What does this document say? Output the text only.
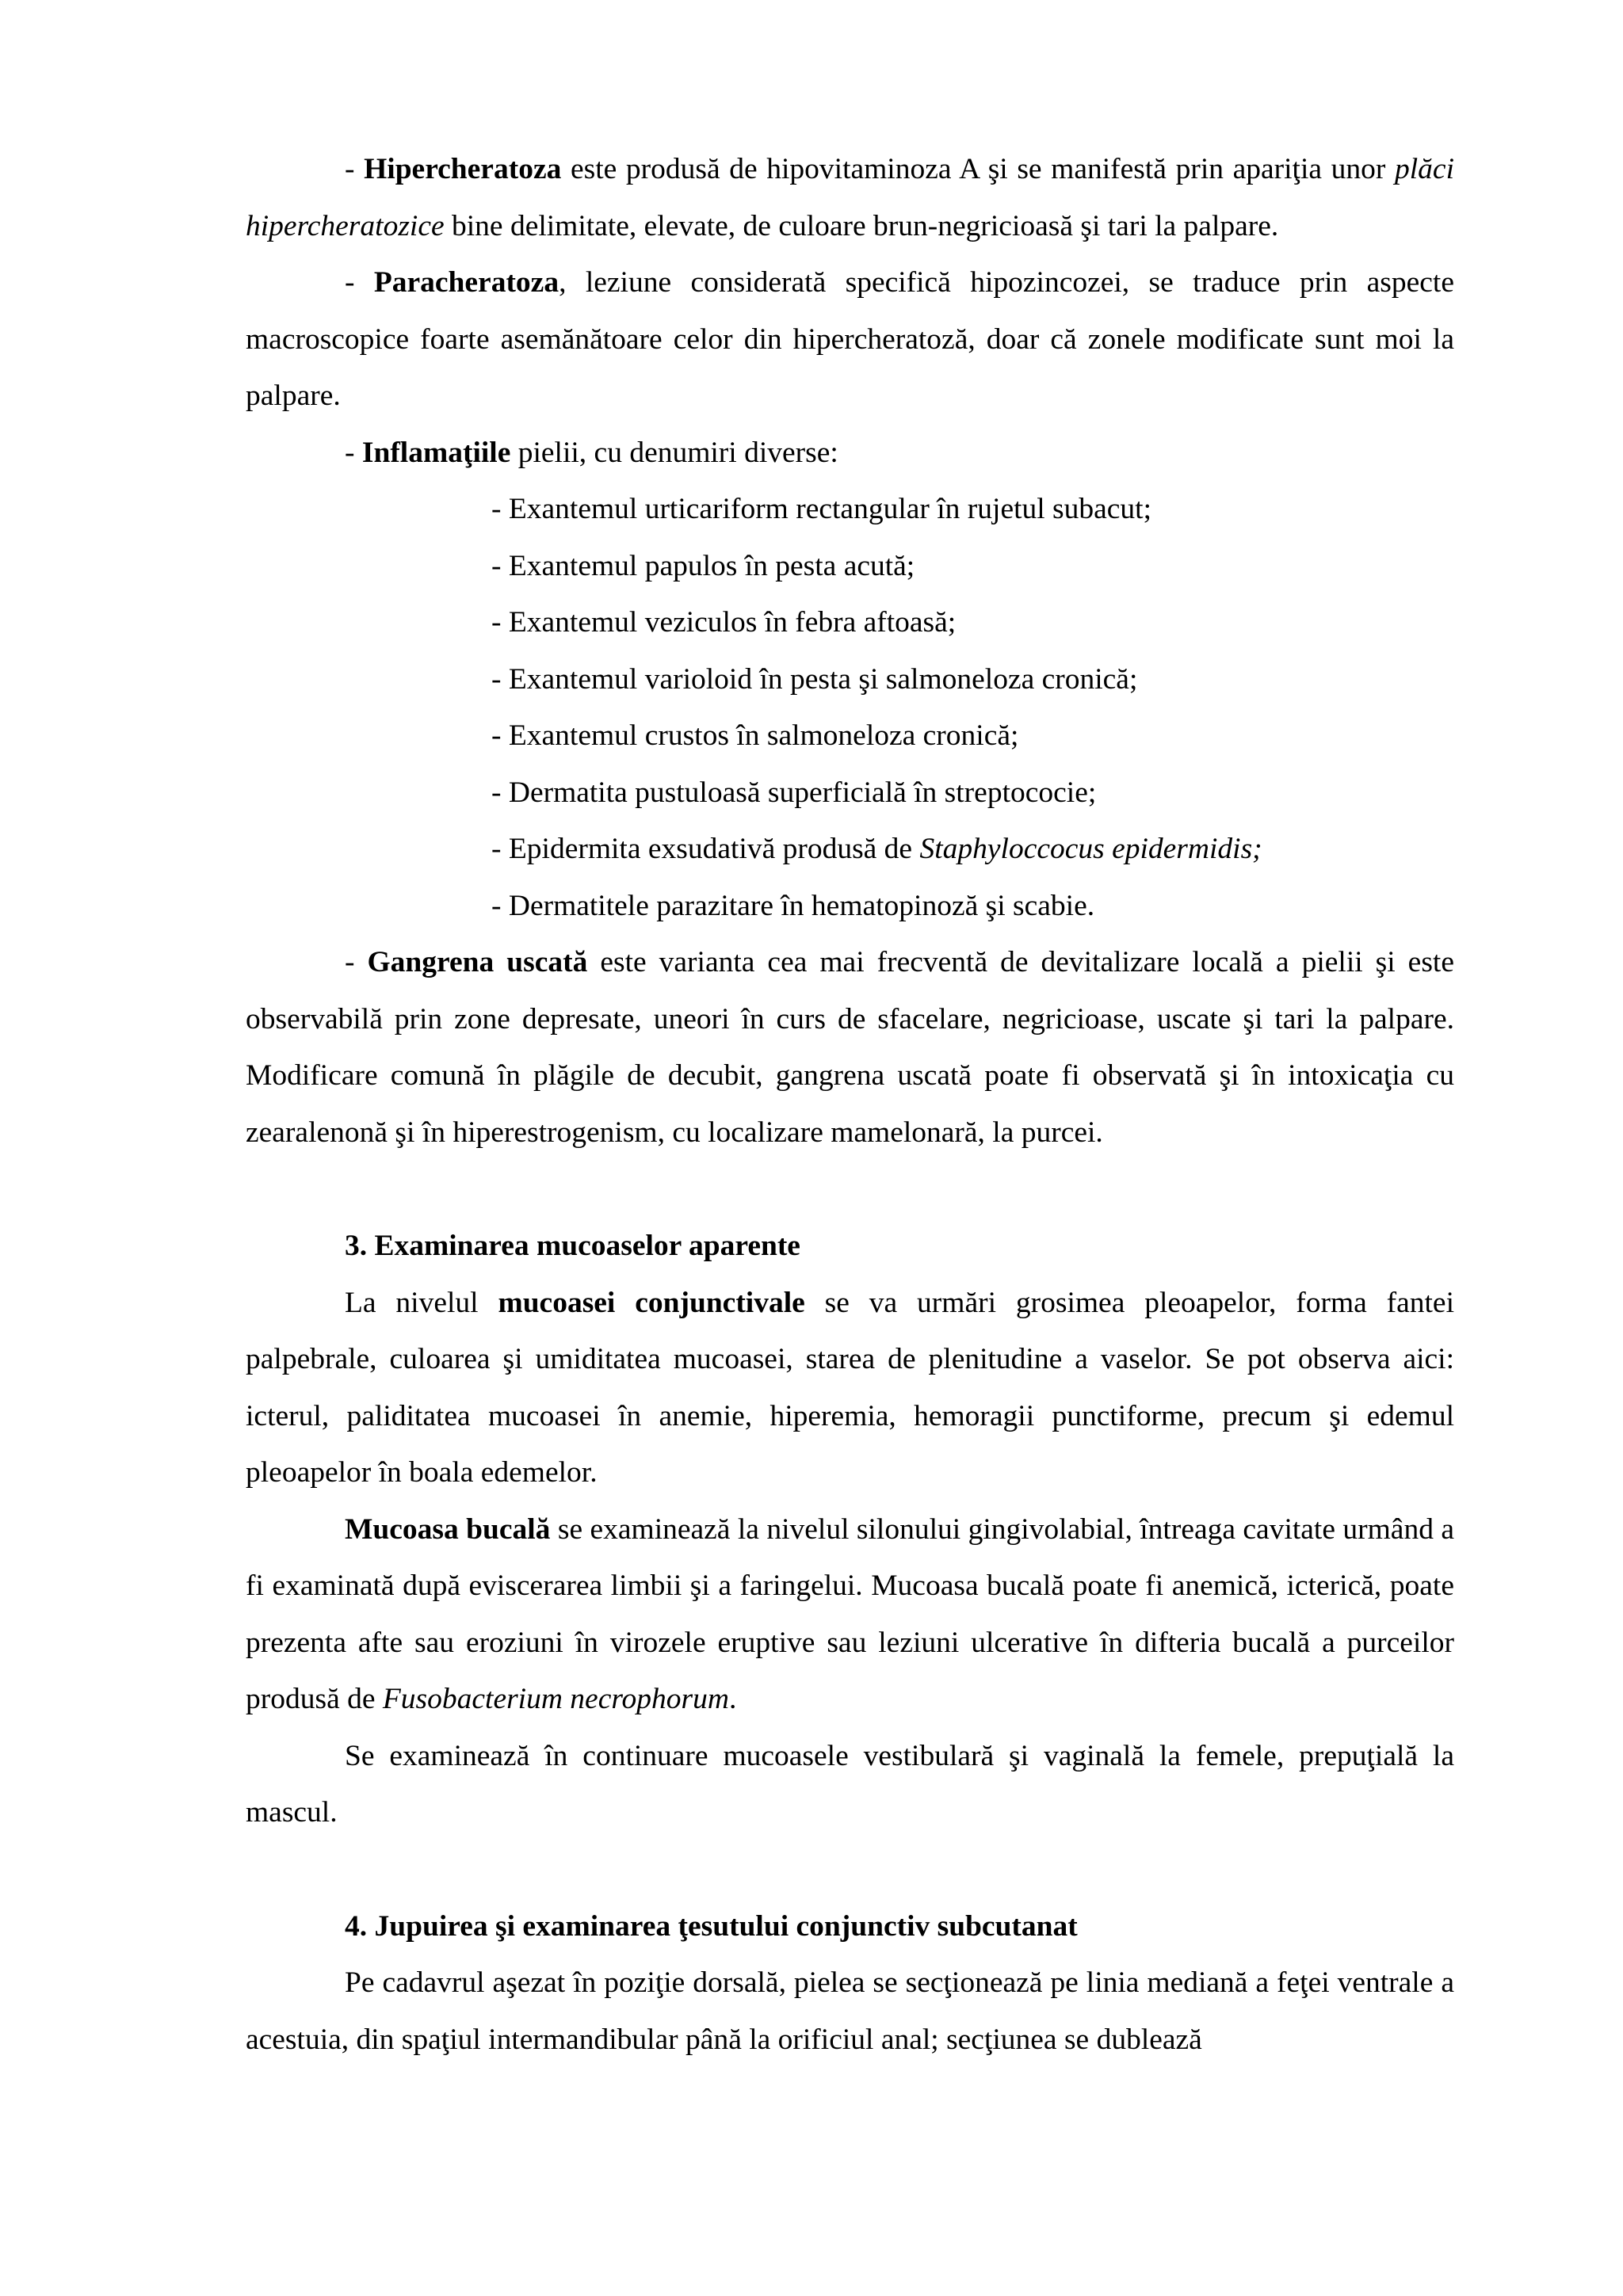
- Hipercheratoza este produsă de hipovitaminoza A şi se manifestă prin apariţia unor plăci hipercheratozice bine delimitate, elevate, de culoare brun-negricioasă şi tari la palpare.

- Paracheratoza, leziune considerată specifică hipozincozei, se traduce prin aspecte macroscopice foarte asemănătoare celor din hipercheratoză, doar că zonele modificate sunt moi la palpare.

- Inflamaţiile pielii, cu denumiri diverse:

- Exantemul urticariform rectangular în rujetul subacut;

- Exantemul papulos în pesta acută;

- Exantemul veziculos în febra aftoasă;

- Exantemul varioloid în pesta şi salmoneloza cronică;

- Exantemul crustos în salmoneloza cronică;

- Dermatita pustuloasă superficială în streptococie;

- Epidermita exsudativă produsă de Staphyloccocus epidermidis;

- Dermatitele parazitare în hematopinoză şi scabie.

- Gangrena uscată este varianta cea mai frecventă de devitalizare locală a pielii şi este observabilă prin zone depresate, uneori în curs de sfacelare, negricioase, uscate şi tari la palpare. Modificare comună în plăgile de decubit, gangrena uscată poate fi observată şi în intoxicaţia cu zearalenonă şi în hiperestrogenism, cu localizare mamelonară, la purcei.

3. Examinarea mucoaselor aparente

La nivelul mucoasei conjunctivale se va urmări grosimea pleoapelor, forma fantei palpebrale, culoarea şi umiditatea mucoasei, starea de plenitudine a vaselor. Se pot observa aici: icterul, paliditatea mucoasei în anemie, hiperemia, hemoragii punctiforme, precum şi edemul pleoapelor în boala edemelor.

Mucoasa bucală se examinează la nivelul silonului gingivolabial, întreaga cavitate urmând a fi examinată după eviscerarea limbii şi a faringelui. Mucoasa bucală poate fi anemică, icterică, poate prezenta afte sau eroziuni în virozele eruptive sau leziuni ulcerative în difteria bucală a purceilor produsă de Fusobacterium necrophorum.

Se examinează în continuare mucoasele vestibulară şi vaginală la femele, prepuţială la mascul.

4. Jupuirea şi examinarea ţesutului conjunctiv subcutanat

Pe cadavrul aşezat în poziţie dorsală, pielea se secţionează pe linia mediană a feţei ventrale a acestuia, din spaţiul intermandibular până la orificiul anal; secţiunea se dublează
